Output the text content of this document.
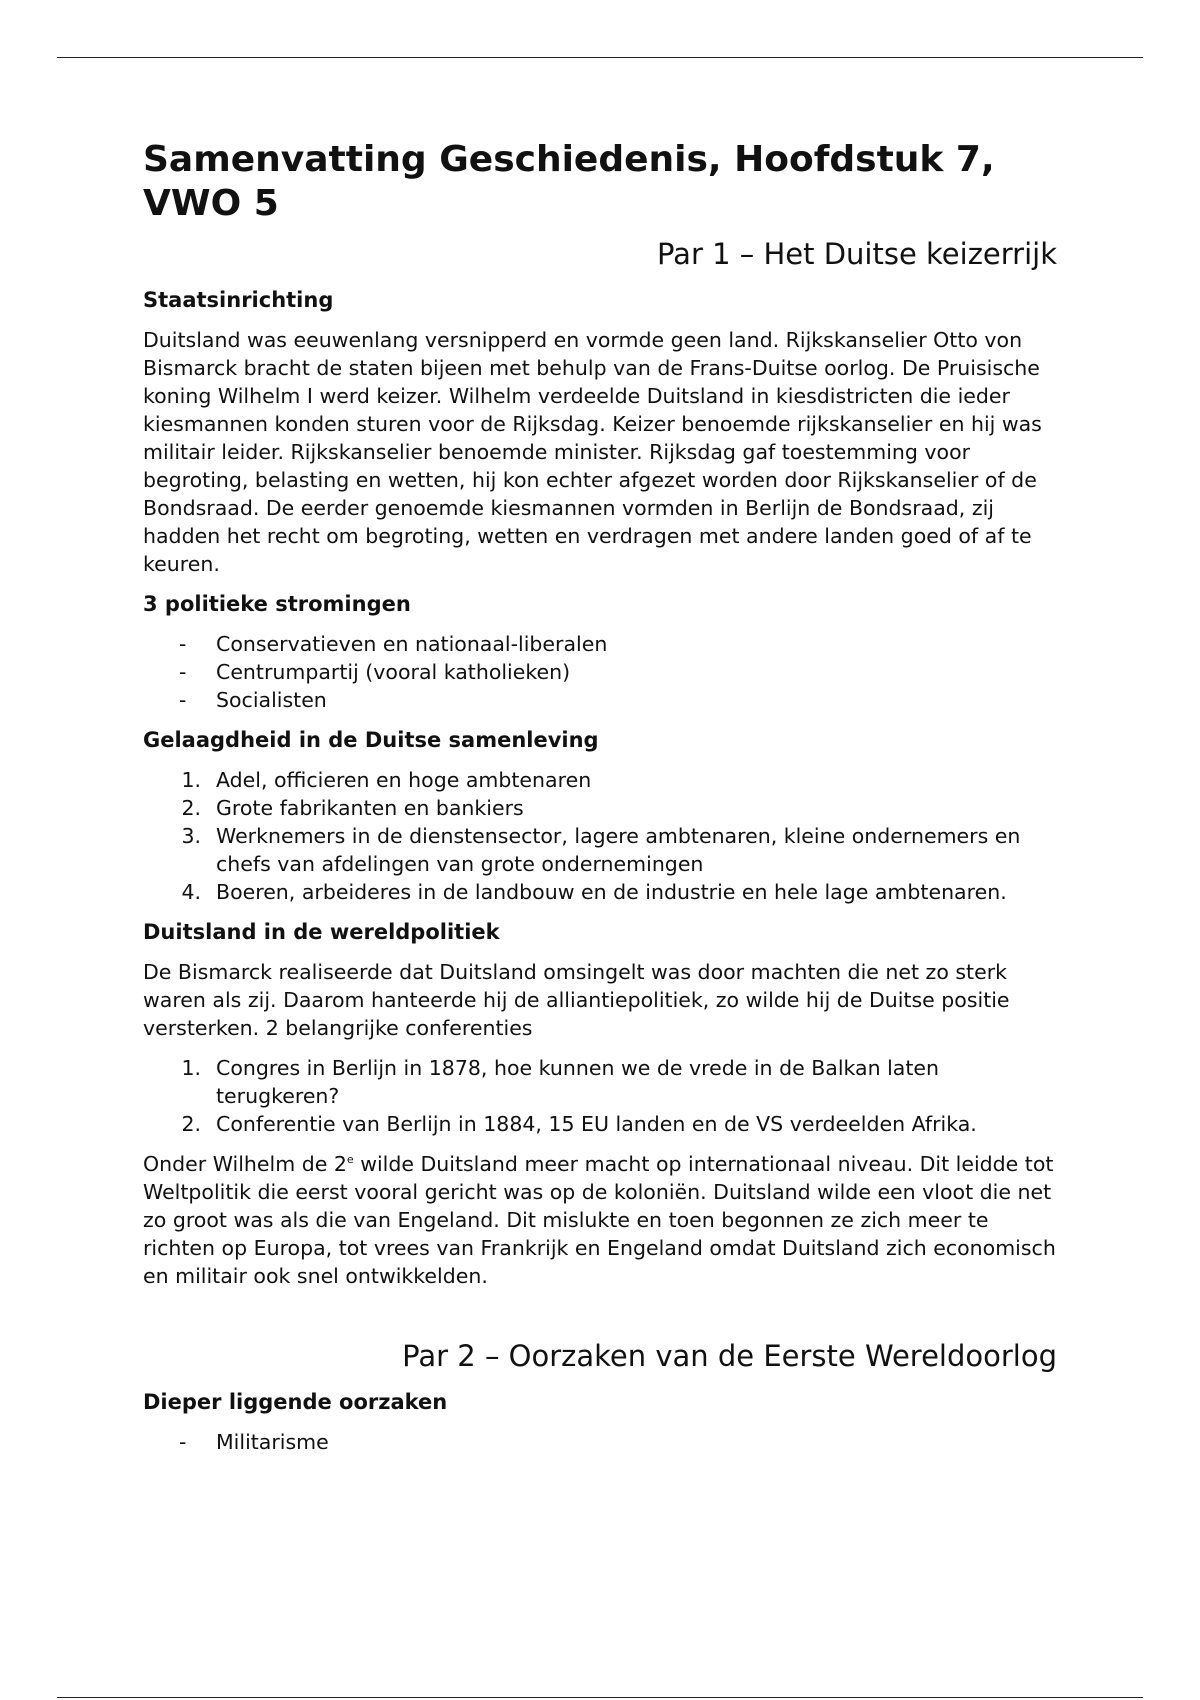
Samenvatting Geschiedenis, Hoofdstuk 7, VWO 5
Par 1 – Het Duitse keizerrijk
Staatsinrichting

Duitsland was eeuwenlang versnipperd en vormde geen land. Rijkskanselier Otto von Bismarck bracht de staten bijeen met behulp van de Frans-Duitse oorlog. De Pruisische koning Wilhelm I werd keizer. Wilhelm verdeelde Duitsland in kiesdistricten die ieder kiesmannen konden sturen voor de Rijksdag. Keizer benoemde rijkskanselier en hij was militair leider. Rijkskanselier benoemde minister. Rijksdag gaf toestemming voor begroting, belasting en wetten, hij kon echter afgezet worden door Rijkskanselier of de Bondsraad. De eerder genoemde kiesmannen vormden in Berlijn de Bondsraad, zij hadden het recht om begroting, wetten en verdragen met andere landen goed of af te keuren.

3 politieke stromingen
- Conservatieven en nationaal-liberalen
- Centrumpartij (vooral katholieken)
- Socialisten
Gelaagdheid in de Duitse samenleving
1. Adel, officieren en hoge ambtenaren
2. Grote fabrikanten en bankiers
3. Werknemers in de dienstensector, lagere ambtenaren, kleine ondernemers en chefs van afdelingen van grote ondernemingen
4. Boeren, arbeideres in de landbouw en de industrie en hele lage ambtenaren.
Duitsland in de wereldpolitiek

De Bismarck realiseerde dat Duitsland omsingelt was door machten die net zo sterk waren als zij. Daarom hanteerde hij de alliantiepolitiek, zo wilde hij de Duitse positie versterken. 2 belangrijke conferenties

1. Congres in Berlijn in 1878, hoe kunnen we de vrede in de Balkan laten terugkeren?
2. Conferentie van Berlijn in 1884, 15 EU landen en de VS verdeelden Afrika.

Onder Wilhelm de 2e wilde Duitsland meer macht op internationaal niveau. Dit leidde tot Weltpolitik die eerst vooral gericht was op de koloniën. Duitsland wilde een vloot die net zo groot was als die van Engeland. Dit mislukte en toen begonnen ze zich meer te richten op Europa, tot vrees van Frankrijk en Engeland omdat Duitsland zich economisch en militair ook snel ontwikkelden.

Par 2 – Oorzaken van de Eerste Wereldoorlog
Dieper liggende oorzaken
- Militarisme
